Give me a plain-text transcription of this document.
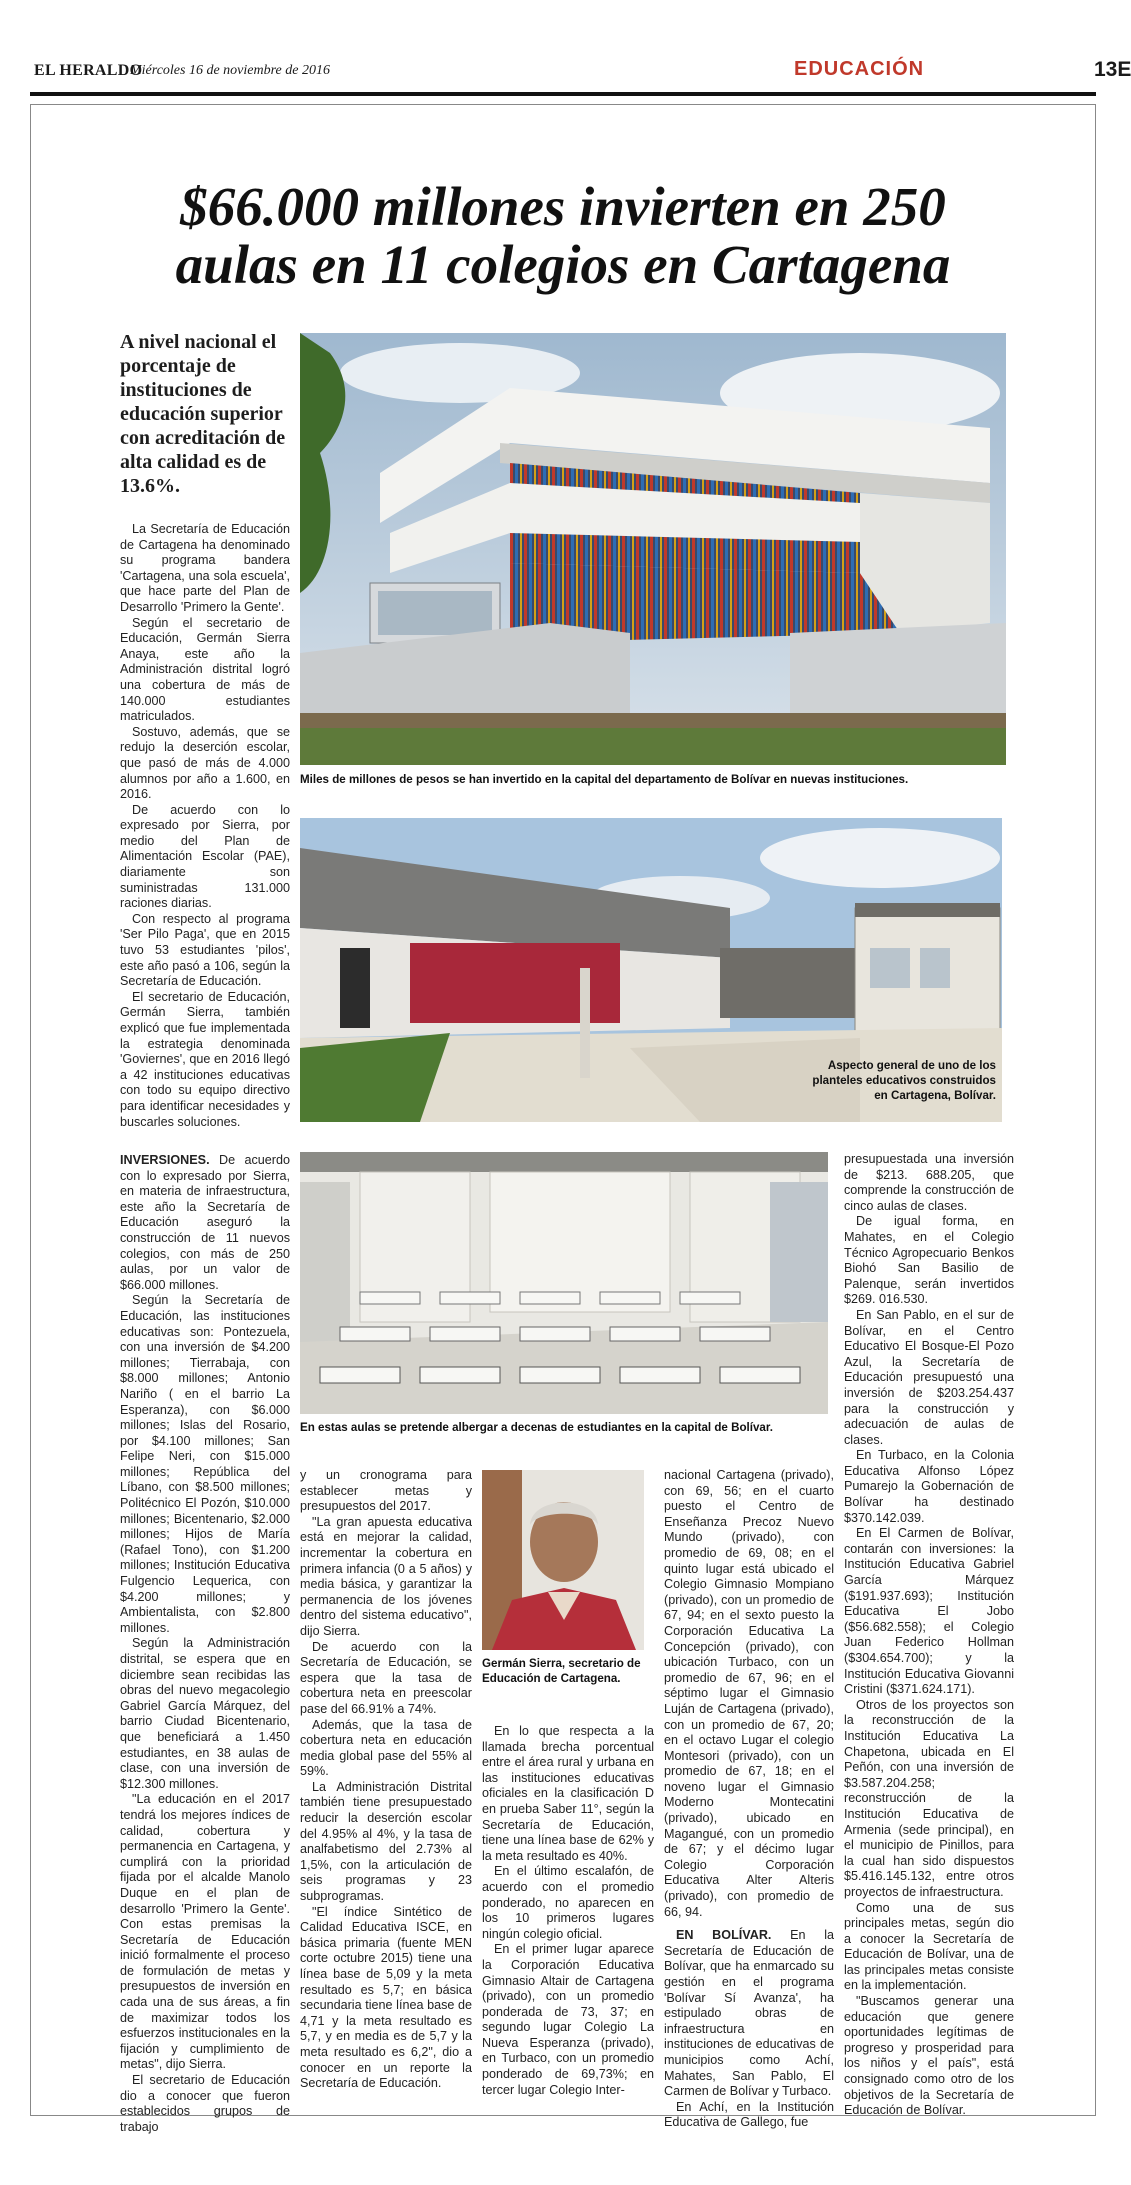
EL HERALDO
Miércoles 16 de noviembre de 2016	EDUCACIÓN	13E
$66.000 millones invierten en 250
aulas en 11 colegios en Cartagena
A nivel nacional el porcentaje de instituciones de educación superior con acreditación de alta calidad es de 13.6%.
Miles de millones de pesos se han invertido en la capital del departamento de Bolívar en nuevas instituciones.
Aspecto general de uno de los
planteles educativos construidos
en Cartagena, Bolívar.
En estas aulas se pretende albergar a decenas de estudiantes en la capital de Bolívar.
Germán Sierra, secretario de
Educación de Cartagena.

La Secretaría de Educación de Cartagena ha denominado su programa bandera 'Cartagena, una sola escuela', que hace parte del Plan de Desarrollo 'Primero la Gente'.

Según el secretario de Educación, Germán Sierra Anaya, este año la Administración distrital logró una cobertura de más de 140.000 estudiantes matriculados.

Sostuvo, además, que se redujo la deserción escolar, que pasó de más de 4.000 alumnos por año a 1.600, en 2016.

De acuerdo con lo expresado por Sierra, por medio del Plan de Alimentación Escolar (PAE), diariamente son suministradas 131.000 raciones diarias.

Con respecto al programa 'Ser Pilo Paga', que en 2015 tuvo 53 estudiantes 'pilos', este año pasó a 106, según la Secretaría de Educación.

El secretario de Educación, Germán Sierra, también explicó que fue implementada la estrategia denominada 'Goviernes', que en 2016 llegó a 42 instituciones educativas con todo su equipo directivo para identificar necesidades y buscarles soluciones.

INVERSIONES. De acuerdo con lo expresado por Sierra, en materia de infraestructura, este año la Secretaría de Educación aseguró la construcción de 11 nuevos colegios, con más de 250 aulas, por un valor de $66.000 millones.

Según la Secretaría de Educación, las instituciones educativas son: Pontezuela, con una inversión de $4.200 millones; Tierrabaja, con $8.000 millones; Antonio Nariño ( en el barrio La Esperanza), con $6.000 millones; Islas del Rosario, por $4.100 millones; San Felipe Neri, con $15.000 millones; República del Líbano, con $8.500 millones; Politécnico El Pozón, $10.000 millones; Bicentenario, $2.000 millones; Hijos de María (Rafael Tono), con $1.200 millones; Institución Educativa Fulgencio Lequerica, con $4.200 millones; y Ambientalista, con $2.800 millones.

Según la Administración distrital, se espera que en diciembre sean recibidas las obras del nuevo megacolegio Gabriel García Márquez, del barrio Ciudad Bicentenario, que beneficiará a 1.450 estudiantes, en 38 aulas de clase, con una inversión de $12.300 millones.

"La educación en el 2017 tendrá los mejores índices de calidad, cobertura y permanencia en Cartagena, y cumplirá con la prioridad fijada por el alcalde Manolo Duque en el plan de desarrollo 'Primero la Gente'. Con estas premisas la Secretaría de Educación inició formalmente el proceso de formulación de metas y presupuestos de inversión en cada una de sus áreas, a fin de maximizar todos los esfuerzos institucionales en la fijación y cumplimiento de metas", dijo Sierra.

El secretario de Educación dio a conocer que fueron establecidos grupos de trabajo

y un cronograma para establecer metas y presupuestos del 2017.

"La gran apuesta educativa está en mejorar la calidad, incrementar la cobertura en primera infancia (0 a 5 años) y media básica, y garantizar la permanencia de los jóvenes dentro del sistema educativo", dijo Sierra.

De acuerdo con la Secretaría de Educación, se espera que la tasa de cobertura neta en preescolar pase del 66.91% a 74%.

Además, que la tasa de cobertura neta en educación media global pase del 55% al 59%.

La Administración Distrital también tiene presupuestado reducir la deserción escolar del 4.95% al 4%, y la tasa de analfabetismo del 2.73% al 1,5%, con la articulación de seis programas y 23 subprogramas.

"El índice Sintético de Calidad Educativa ISCE, en básica primaria (fuente MEN corte octubre 2015) tiene una línea base de 5,09 y la meta resultado es 5,7; en básica secundaria tiene línea base de 4,71 y la meta resultado es 5,7, y en media es de 5,7 y la meta resultado es 6,2", dio a conocer en un reporte la Secretaría de Educación.

En lo que respecta a la llamada brecha porcentual entre el área rural y urbana en las instituciones educativas oficiales en la clasificación D en prueba Saber 11°, según la Secretaría de Educación, tiene una línea base de 62% y la meta resultado es 40%.

En el último escalafón, de acuerdo con el promedio ponderado, no aparecen en los 10 primeros lugares ningún colegio oficial.

En el primer lugar aparece la Corporación Educativa Gimnasio Altair de Cartagena (privado), con un promedio ponderada de 73, 37; en segundo lugar Colegio La Nueva Esperanza (privado), en Turbaco, con un promedio ponderado de 69,73%; en tercer lugar Colegio Inter-

nacional Cartagena (privado), con 69, 56; en el cuarto puesto el Centro de Enseñanza Precoz Nuevo Mundo (privado), con promedio de 69, 08; en el quinto lugar está ubicado el Colegio Gimnasio Mompiano (privado), con un promedio de 67, 94; en el sexto puesto la Corporación Educativa La Concepción (privado), con ubicación Turbaco, con un promedio de 67, 96; en el séptimo lugar el Gimnasio Luján de Cartagena (privado), con un promedio de 67, 20; en el octavo Lugar el colegio Montesori (privado), con un promedio de 67, 18; en el noveno lugar el Gimnasio Moderno Montecatini (privado), ubicado en Magangué, con un promedio de 67; y el décimo lugar Colegio Corporación Educativa Alter Alteris (privado), con promedio de 66, 94.

EN BOLÍVAR. En la Secretaría de Educación de Bolívar, que ha enmarcado su gestión en el programa 'Bolívar Sí Avanza', ha estipulado obras de infraestructura en instituciones de educativas de municipios como Achí, Mahates, San Pablo, El Carmen de Bolívar y Turbaco.

En Achí, en la Institución Educativa de Gallego, fue

presupuestada una inversión de $213. 688.205, que comprende la construcción de cinco aulas de clases.

De igual forma, en Mahates, en el Colegio Técnico Agropecuario Benkos Biohó San Basilio de Palenque, serán invertidos $269. 016.530.

En San Pablo, en el sur de Bolívar, en el Centro Educativo El Bosque-El Pozo Azul, la Secretaría de Educación presupuestó una inversión de $203.254.437 para la construcción y adecuación de aulas de clases.

En Turbaco, en la Colonia Educativa Alfonso López Pumarejo la Gobernación de Bolívar ha destinado $370.142.039.

En El Carmen de Bolívar, contarán con inversiones: la Institución Educativa Gabriel García Márquez ($191.937.693); Institución Educativa El Jobo ($56.682.558); el Colegio Juan Federico Hollman ($304.654.700); y la Institución Educativa Giovanni Cristini ($371.624.171).

Otros de los proyectos son la reconstrucción de la Institución Educativa La Chapetona, ubicada en El Peñón, con una inversión de $3.587.204.258; reconstrucción de la Institución Educativa de Armenia (sede principal), en el municipio de Pinillos, para la cual han sido dispuestos $5.416.145.132, entre otros proyectos de infraestructura.

Como una de sus principales metas, según dio a conocer la Secretaría de Educación de Bolívar, una de las principales metas consiste en la implementación.

"Buscamos generar una educación que genere oportunidades legítimas de progreso y prosperidad para los niños y el país", está consignado como otro de los objetivos de la Secretaría de Educación de Bolívar.
